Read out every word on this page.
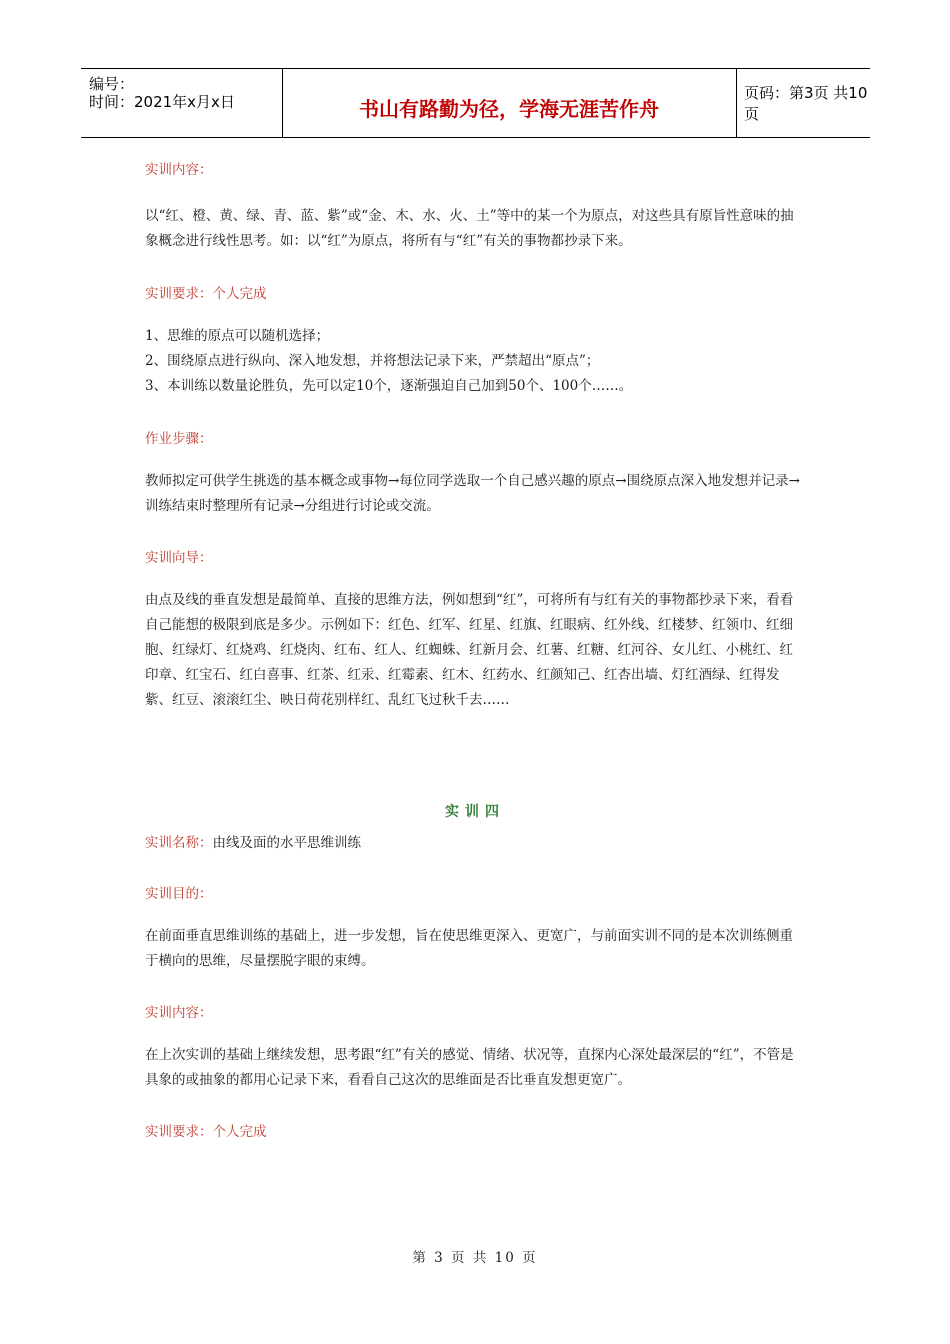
编号：
时间：2021年x月x日	书山有路勤为径，学海无涯苦作舟
页码：第3页 共10页

实训内容：

以“红、橙、黄、绿、青、蓝、紫”或“金、木、水、火、土”等中的某一个为原点，对这些具有原旨性意味的抽象概念进行线性思考。如：以“红”为原点，将所有与“红”有关的事物都抄录下来。

实训要求：个人完成

1、思维的原点可以随机选择；

2、围绕原点进行纵向、深入地发想，并将想法记录下来，严禁超出“原点”；

3、本训练以数量论胜负，先可以定10个，逐渐强迫自己加到50个、100个……。

作业步骤：

教师拟定可供学生挑选的基本概念或事物→每位同学选取一个自己感兴趣的原点→围绕原点深入地发想并记录→训练结束时整理所有记录→分组进行讨论或交流。

实训向导：

由点及线的垂直发想是最简单、直接的思维方法，例如想到“红”，可将所有与红有关的事物都抄录下来，看看自己能想的极限到底是多少。示例如下：红色、红军、红星、红旗、红眼病、红外线、红楼梦、红领巾、红细胞、红绿灯、红烧鸡、红烧肉、红布、红人、红蜘蛛、红新月会、红薯、红糖、红河谷、女儿红、小桃红、红印章、红宝石、红白喜事、红茶、红汞、红霉素、红木、红药水、红颜知己、红杏出墙、灯红酒绿、红得发紫、红豆、滚滚红尘、映日荷花别样红、乱红飞过秋千去……

实训四

实训名称：由线及面的水平思维训练

实训目的：

在前面垂直思维训练的基础上，进一步发想，旨在使思维更深入、更宽广，与前面实训不同的是本次训练侧重于横向的思维，尽量摆脱字眼的束缚。

实训内容：

在上次实训的基础上继续发想，思考跟“红”有关的感觉、情绪、状况等，直探内心深处最深层的“红”，不管是具象的或抽象的都用心记录下来，看看自己这次的思维面是否比垂直发想更宽广。

实训要求：个人完成

第 3 页 共 10 页
